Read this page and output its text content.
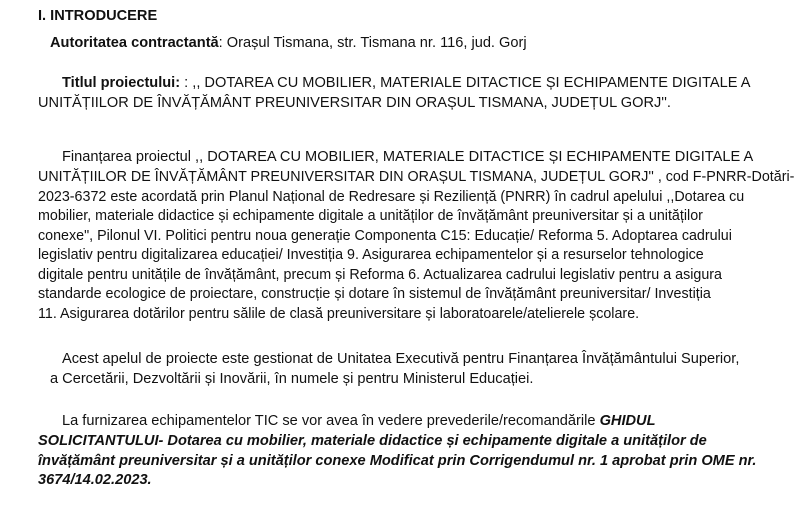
I. INTRODUCERE

Autoritatea contractantă: Orașul Tismana, str. Tismana nr. 116, jud. Gorj

Titlul proiectului: : ,, DOTAREA CU MOBILIER, MATERIALE DITACTICE ȘI ECHIPAMENTE DIGITALE A

UNITĂȚIILOR DE ÎNVĂȚĂMÂNT PREUNIVERSITAR DIN ORAȘUL TISMANA, JUDEȚUL GORJ''.

Finanțarea proiectul ,, DOTAREA CU MOBILIER, MATERIALE DITACTICE ȘI ECHIPAMENTE DIGITALE A

UNITĂȚIILOR DE ÎNVĂȚĂMÂNT PREUNIVERSITAR DIN ORAȘUL TISMANA, JUDEȚUL GORJ'' , cod F-PNRR-Dotări-
2023-6372 este acordată prin Planul Național de Redresare și Reziliență (PNRR) în cadrul apelului ,,Dotarea cu
mobilier, materiale didactice și echipamente digitale a unităților de învățământ preuniversitar și a unităților
conexe", Pilonul VI. Politici pentru noua generație Componenta C15: Educație/ Reforma 5. Adoptarea cadrului
legislativ pentru digitalizarea educației/ Investiția 9. Asigurarea echipamentelor și a resurselor tehnologice
digitale pentru unitățile de învățământ, precum și Reforma 6. Actualizarea cadrului legislativ pentru a asigura
standarde ecologice de proiectare, construcție și dotare în sistemul de învățământ preuniversitar/ Investiția
11. Asigurarea dotărilor pentru sălile de clasă preuniversitare și laboratoarele/atelierele școlare.

Acest apelul de proiecte este gestionat de Unitatea Executivă pentru Finanțarea Învățământului Superior,

a Cercetării, Dezvoltării și Inovării, în numele și pentru Ministerul Educației.

La furnizarea echipamentelor TIC se vor avea în vedere prevederile/recomandările GHIDUL

SOLICITANTULUI- Dotarea cu mobilier, materiale didactice și echipamente digitale a unităților de
învățământ preuniversitar și a unităților conexe Modificat prin Corrigendumul nr. 1 aprobat prin OME nr.
3674/14.02.2023.
